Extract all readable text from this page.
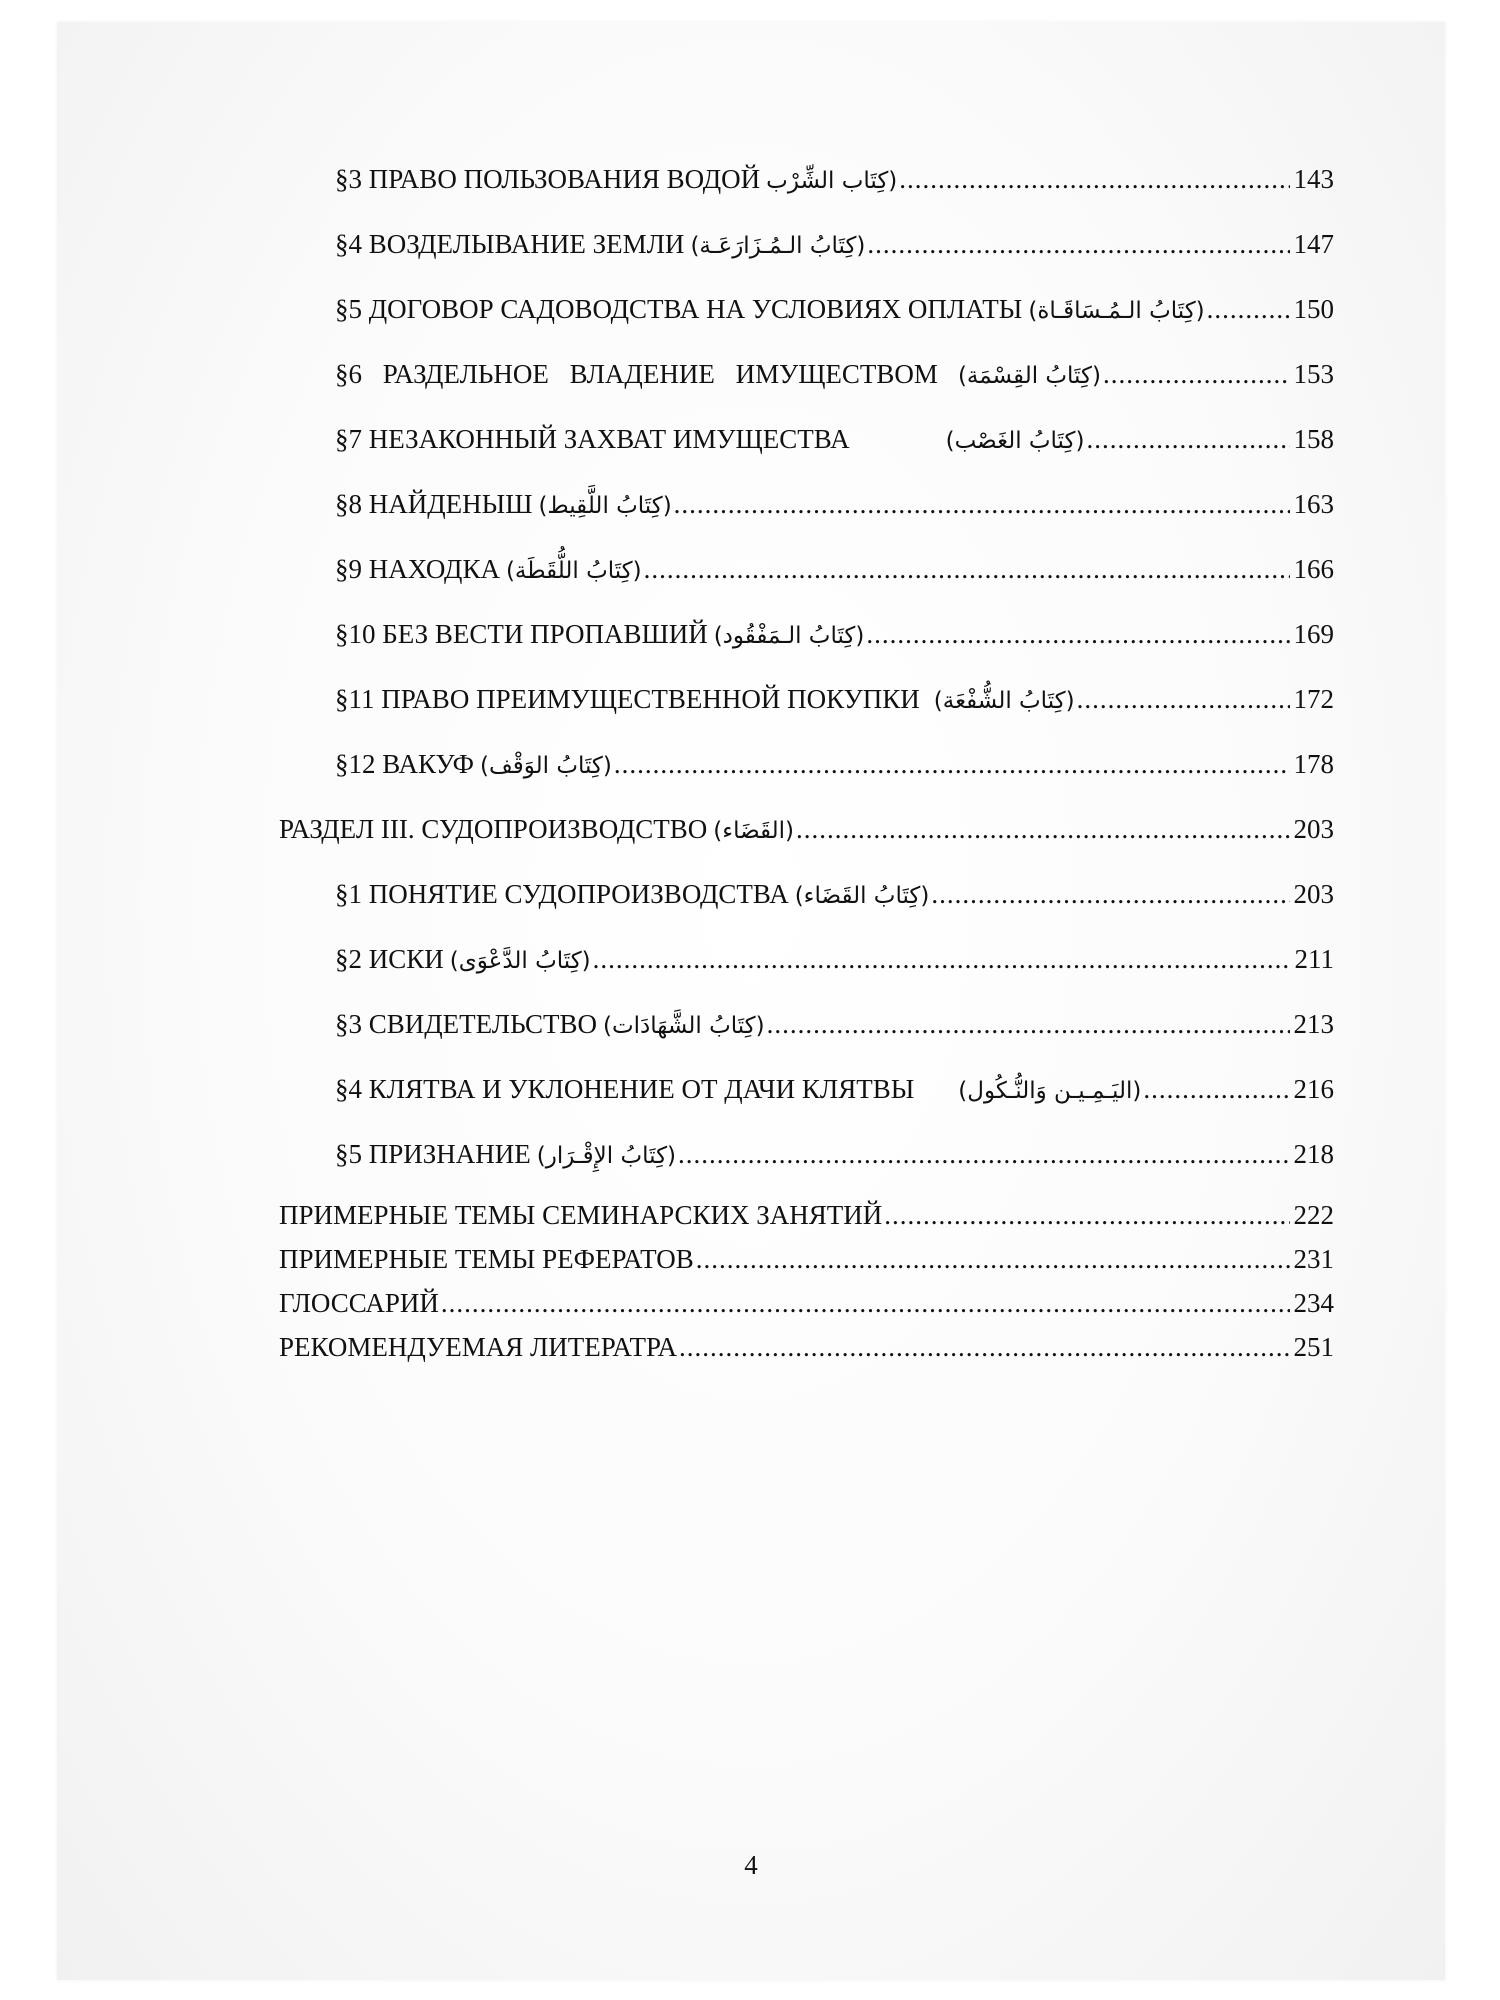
§3 ПРАВО ПОЛЬЗОВАНИЯ ВОДОЙ (كِتَاب الشِّرْب .....	143
§4 ВОЗДЕЛЫВАНИЕ ЗЕМЛИ (كِتَابُ الـمُـزَارَعَـة) .....	147
§5 ДОГОВОР САДОВОДСТВА НА УСЛОВИЯХ ОПЛАТЫ (كِتَابُ الـمُـسَاقَـاة) .....	150
§6 РАЗДЕЛЬНОЕ ВЛАДЕНИЕ ИМУЩЕСТВОМ (كِتَابُ القِسْمَة) .....	153
§7 НЕЗАКОННЫЙ ЗАХВАТ ИМУЩЕСТВА	(كِتَابُ الغَصْب) .....	158
§8 НАЙДЕНЫШ (كِتَابُ اللَّقِيط) .....	163
§9 НАХОДКА (كِتَابُ اللُّقَطَة) .....	166
§10 БЕЗ ВЕСТИ ПРОПАВШИЙ (كِتَابُ الـمَفْقُود) .....	169
§11 ПРАВО ПРЕИМУЩЕСТВЕННОЙ ПОКУПКИ (كِتَابُ الشُّفْعَة) .....	172
§12 ВАКУФ (كِتَابُ الوَقْف) .....	178
РАЗДЕЛ III. СУДОПРОИЗВОДСТВО (القَضَاء) .....	203
§1 ПОНЯТИЕ СУДОПРОИЗВОДСТВА (كِتَابُ القَضَاء) .....	203
§2 ИСКИ (كِتَابُ الدَّعْوَى) .....	211
§3 СВИДЕТЕЛЬСТВО (كِتَابُ الشَّهَادَات) .....	213
§4 КЛЯТВА И УКЛОНЕНИЕ ОТ ДАЧИ КЛЯТВЫ (اليَـمِـيـن وَالنُّـكُول) .....	216
§5 ПРИЗНАНИЕ (كِتَابُ الإِقْـرَار) .....	218
ПРИМЕРНЫЕ ТЕМЫ СЕМИНАРСКИХ ЗАНЯТИЙ .....	222
ПРИМЕРНЫЕ ТЕМЫ РЕФЕРАТОВ .....	231
ГЛОССАРИЙ .....	234
РЕКОМЕНДУЕМАЯ ЛИТЕРАТРА .....	251
4
